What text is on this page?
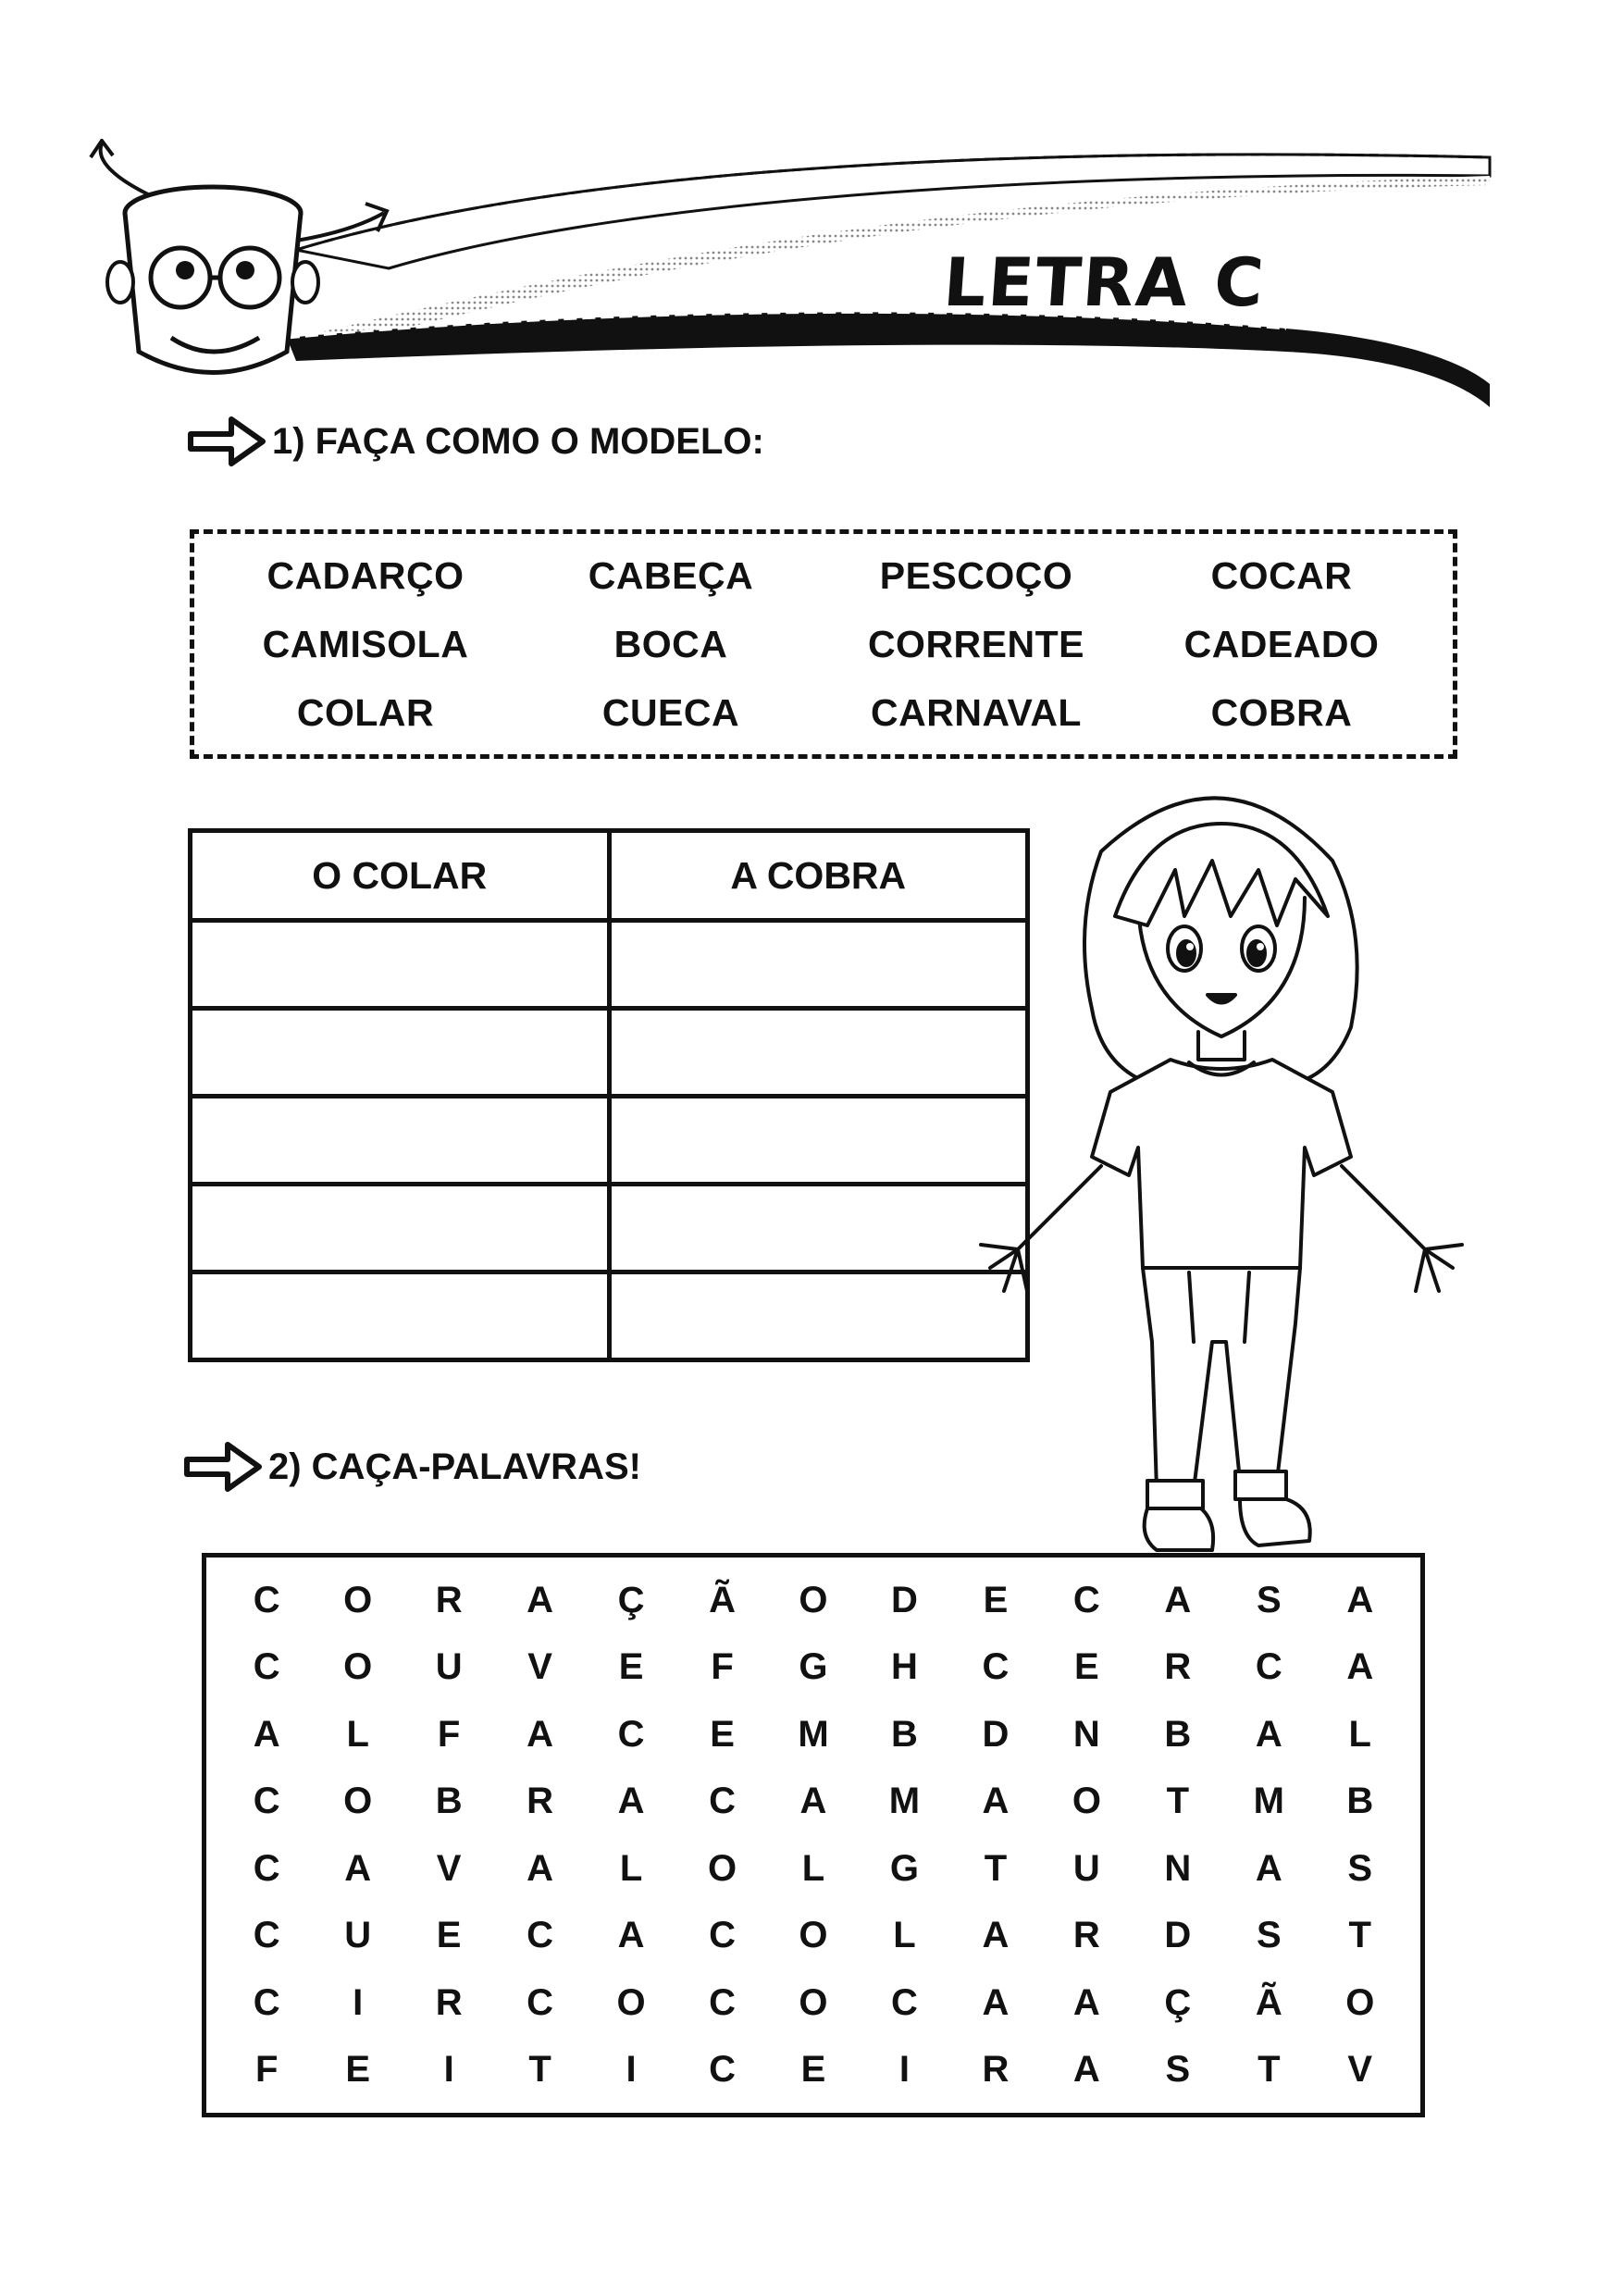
LETRA C
1) FAÇA COMO O MODELO:
CADARÇO	CABEÇA	PESCOÇO	COCAR
CAMISOLA	BOCA	CORRENTE	CADEADO
COLAR	CUECA	CARNAVAL	COBRA
O COLAR	A COBRA

2) CAÇA-PALAVRAS!
C O R A Ç Ã O D E C A S A
C O U V E F G H C E R C A
A L F A C E M B D N B A L
C O B R A C A M A O T M B
C A V A L O L G T U N A S
C U E C A C O L A R D S T
C I R C O C O C A A Ç Ã O
F E I T I C E I R A S T V
